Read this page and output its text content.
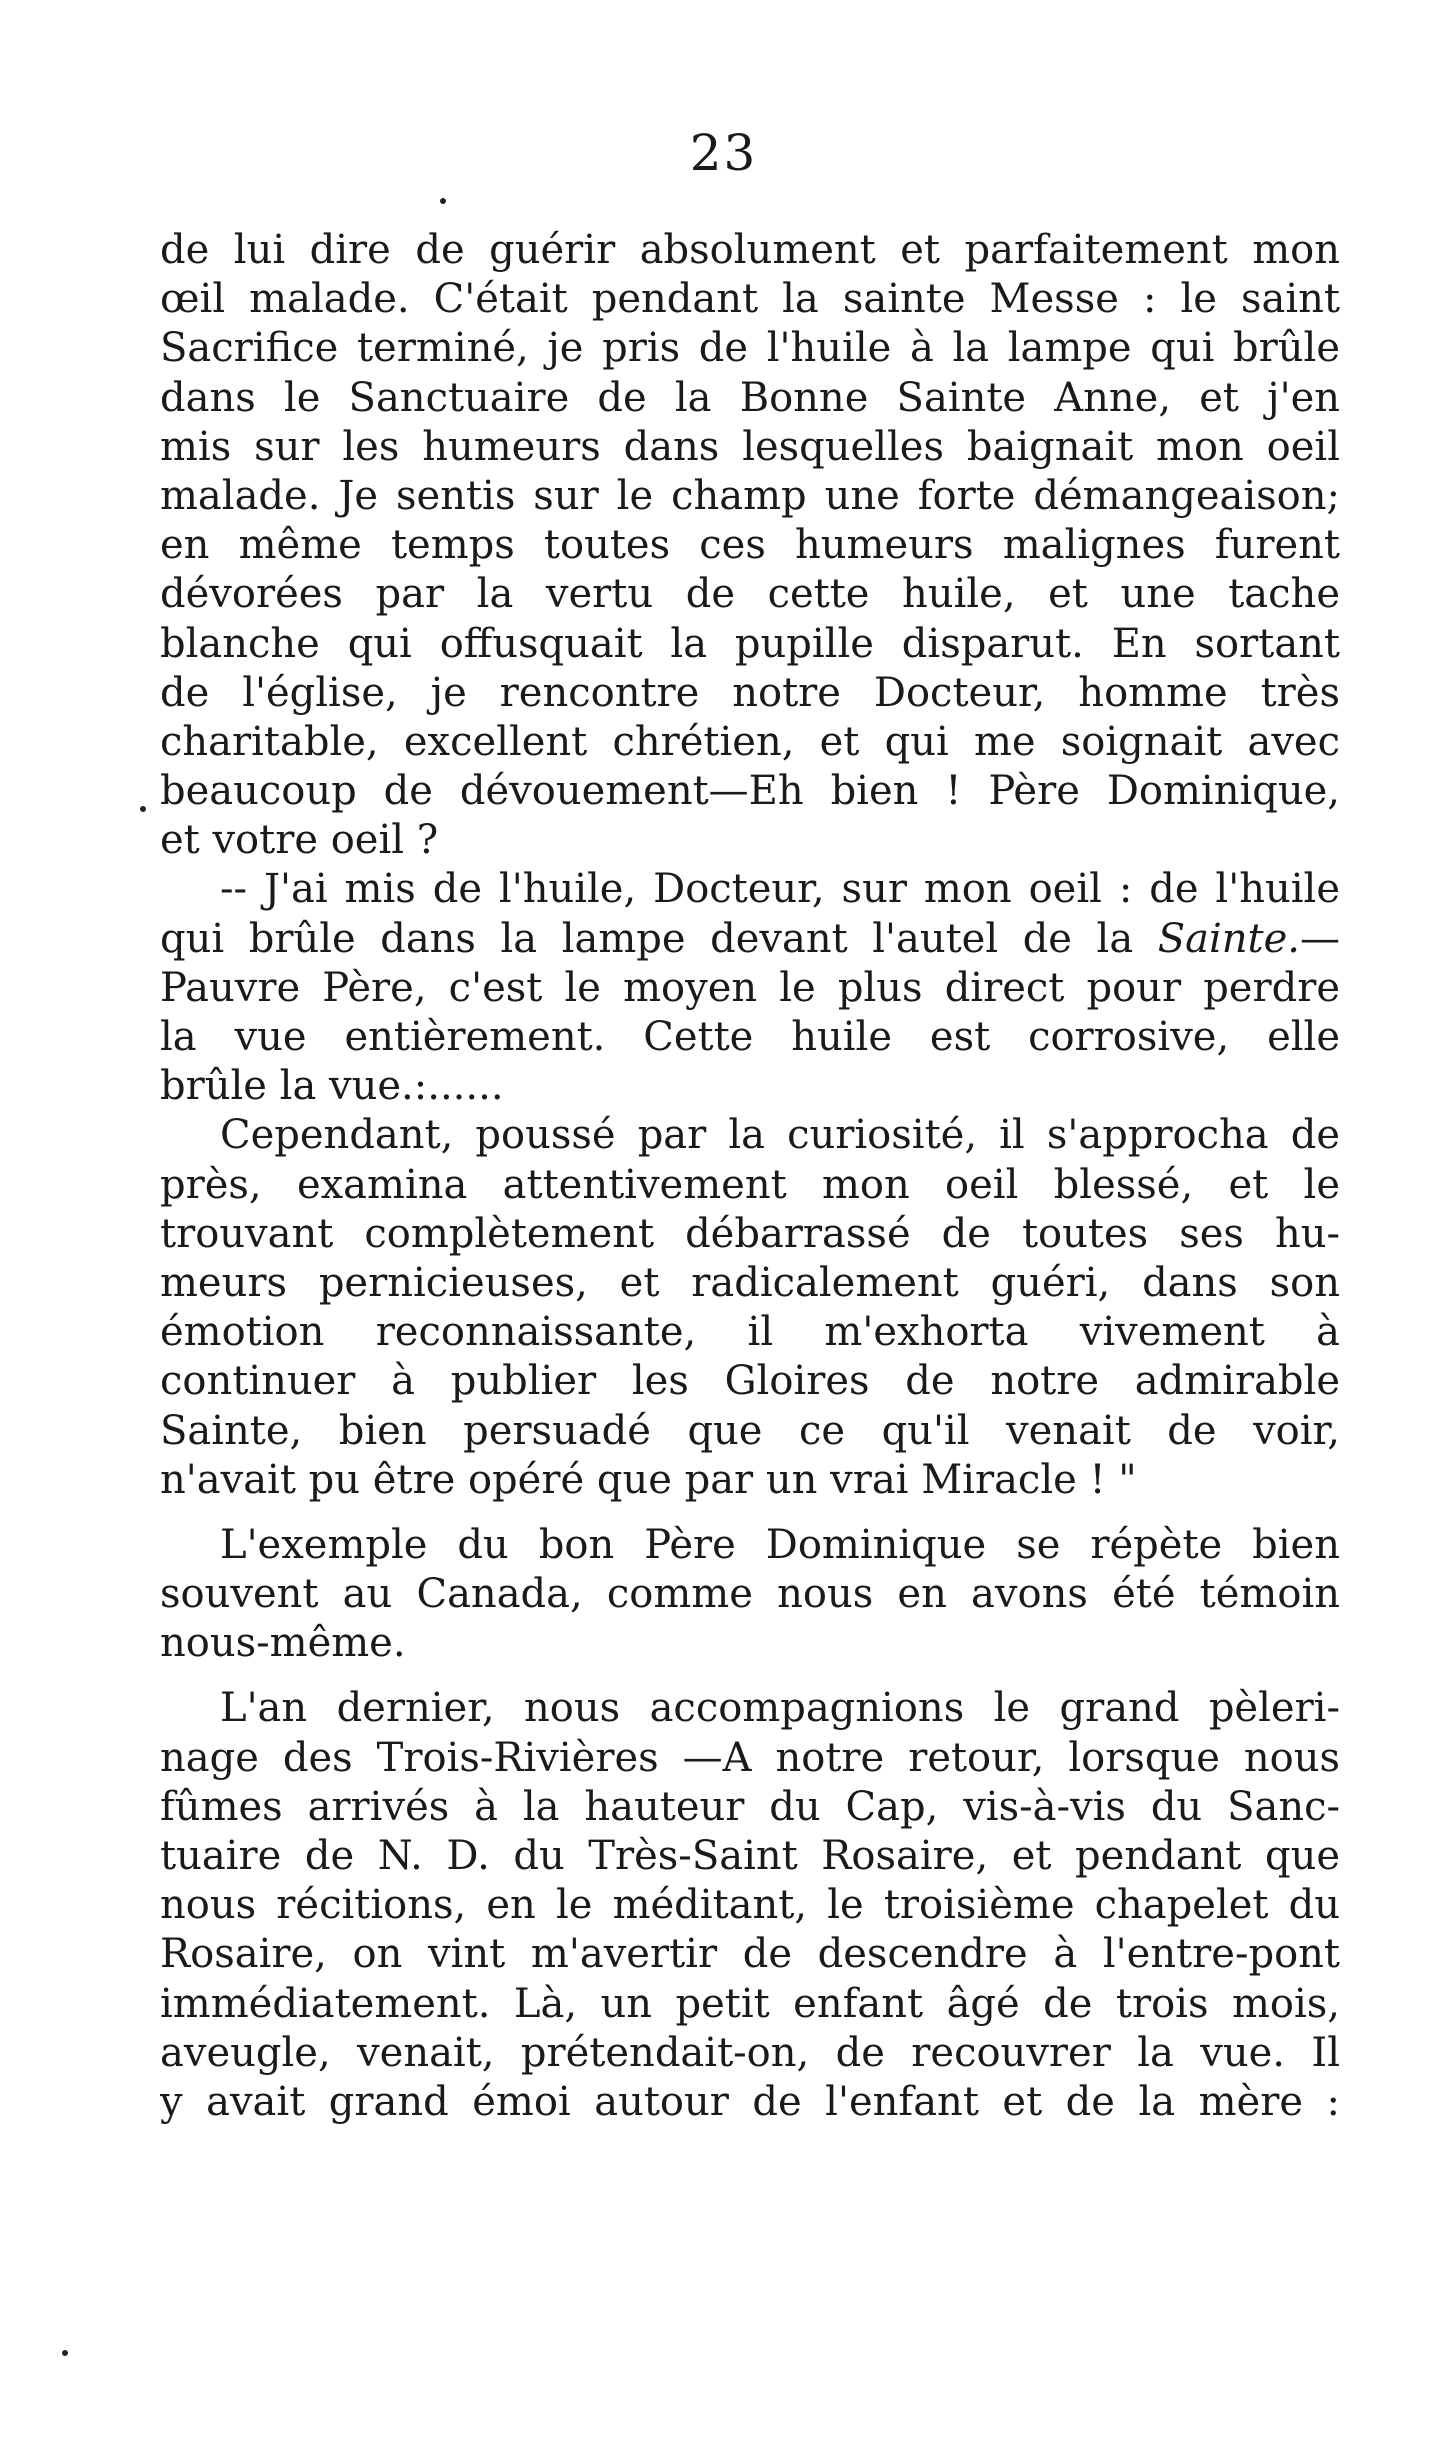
23
de lui dire de guérir absolument et parfaitement mon
œil malade. C'était pendant la sainte Messe : le saint
Sacrifice terminé, je pris de l'huile à la lampe qui brûle
dans le Sanctuaire de la Bonne Sainte Anne, et j'en
mis sur les humeurs dans lesquelles baignait mon oeil
malade. Je sentis sur le champ une forte démangeaison;
en même temps toutes ces humeurs malignes furent
dévorées par la vertu de cette huile, et une tache
blanche qui offusquait la pupille disparut. En sortant
de l'église, je rencontre notre Docteur, homme très
charitable, excellent chrétien, et qui me soignait avec
beaucoup de dévouement—Eh bien ! Père Dominique,
et votre oeil ?
-- J'ai mis de l'huile, Docteur, sur mon oeil : de l'huile
qui brûle dans la lampe devant l'autel de la Sainte.—
Pauvre Père, c'est le moyen le plus direct pour perdre
la vue entièrement. Cette huile est corrosive, elle
brûle la vue.:......
Cependant, poussé par la curiosité, il s'approcha de
près, examina attentivement mon oeil blessé, et le
trouvant complètement débarrassé de toutes ses hu-
meurs pernicieuses, et radicalement guéri, dans son
émotion reconnaissante, il m'exhorta vivement à
continuer à publier les Gloires de notre admirable
Sainte, bien persuadé que ce qu'il venait de voir,
n'avait pu être opéré que par un vrai Miracle ! "
L'exemple du bon Père Dominique se répète bien
souvent au Canada, comme nous en avons été témoin
nous-même.
L'an dernier, nous accompagnions le grand pèleri-
nage des Trois-Rivières —A notre retour, lorsque nous
fûmes arrivés à la hauteur du Cap, vis-à-vis du Sanc-
tuaire de N. D. du Très-Saint Rosaire, et pendant que
nous récitions, en le méditant, le troisième chapelet du
Rosaire, on vint m'avertir de descendre à l'entre-pont
immédiatement. Là, un petit enfant âgé de trois mois,
aveugle, venait, prétendait-on, de recouvrer la vue. Il
y avait grand émoi autour de l'enfant et de la mère :
